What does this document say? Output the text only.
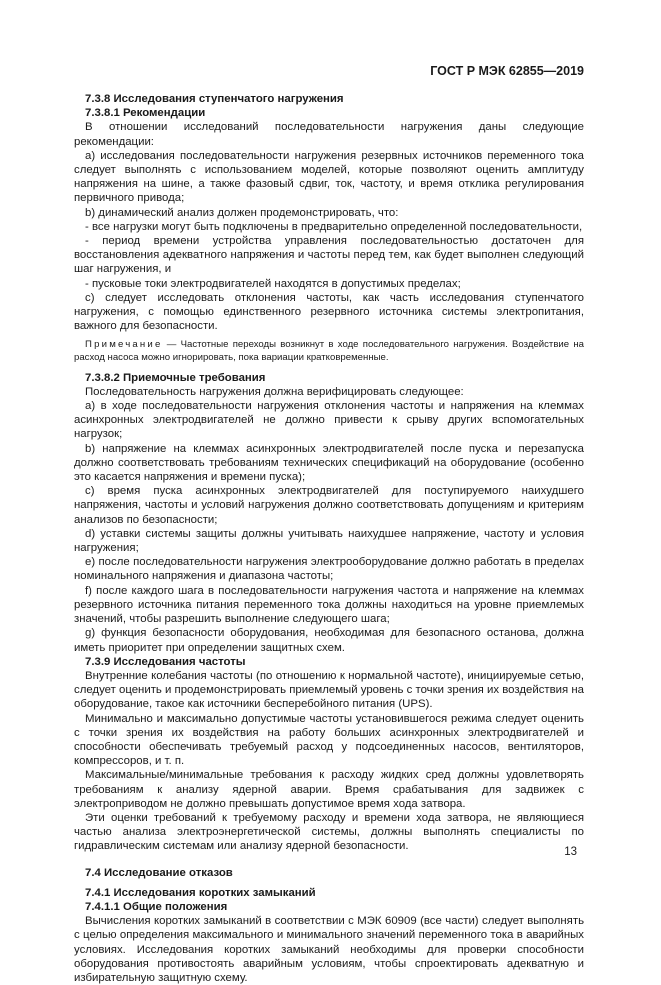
ГОСТ Р МЭК 62855—2019

7.3.8 Исследования ступенчатого нагружения

7.3.8.1 Рекомендации

В отношении исследований последовательности нагружения даны следующие рекомендации:

a) исследования последовательности нагружения резервных источников переменного тока следует выполнять с использованием моделей, которые позволяют оценить амплитуду напряжения на шине, а также фазовый сдвиг, ток, частоту, и время отклика регулирования первичного привода;

b) динамический анализ должен продемонстрировать, что:

- все нагрузки могут быть подключены в предварительно определенной последовательности,

- период времени устройства управления последовательностью достаточен для восстановления адекватного напряжения и частоты перед тем, как будет выполнен следующий шаг нагружения, и

- пусковые токи электродвигателей находятся в допустимых пределах;

c) следует исследовать отклонения частоты, как часть исследования ступенчатого нагружения, с помощью единственного резервного источника системы электропитания, важного для безопасности.

Примечание — Частотные переходы возникнут в ходе последовательного нагружения. Воздействие на расход насоса можно игнорировать, пока вариации кратковременные.

7.3.8.2 Приемочные требования

Последовательность нагружения должна верифицировать следующее:

a) в ходе последовательности нагружения отклонения частоты и напряжения на клеммах асинхронных электродвигателей не должно привести к срыву других вспомогательных нагрузок;

b) напряжение на клеммах асинхронных электродвигателей после пуска и перезапуска должно соответствовать требованиям технических спецификаций на оборудование (особенно это касается напряжения и времени пуска);

c) время пуска асинхронных электродвигателей для поступируемого наихудшего напряжения, частоты и условий нагружения должно соответствовать допущениям и критериям анализов по безопасности;

d) уставки системы защиты должны учитывать наихудшее напряжение, частоту и условия нагружения;

e) после последовательности нагружения электрооборудование должно работать в пределах номинального напряжения и диапазона частоты;

f) после каждого шага в последовательности нагружения частота и напряжение на клеммах резервного источника питания переменного тока должны находиться на уровне приемлемых значений, чтобы разрешить выполнение следующего шага;

g) функция безопасности оборудования, необходимая для безопасного останова, должна иметь приоритет при определении защитных схем.

7.3.9 Исследования частоты

Внутренние колебания частоты (по отношению к нормальной частоте), инициируемые сетью, следует оценить и продемонстрировать приемлемый уровень с точки зрения их воздействия на оборудование, такое как источники бесперебойного питания (UPS).

Минимально и максимально допустимые частоты установившегося режима следует оценить с точки зрения их воздействия на работу больших асинхронных электродвигателей и способности обеспечивать требуемый расход у подсоединенных насосов, вентиляторов, компрессоров, и т. п.

Максимальные/минимальные требования к расходу жидких сред должны удовлетворять требованиям к анализу ядерной аварии. Время срабатывания для задвижек с электроприводом не должно превышать допустимое время хода затвора.

Эти оценки требований к требуемому расходу и времени хода затвора, не являющиеся частью анализа электроэнергетической системы, должны выполнять специалисты по гидравлическим системам или анализу ядерной безопасности.

7.4 Исследование отказов

7.4.1 Исследования коротких замыканий

7.4.1.1 Общие положения

Вычисления коротких замыканий в соответствии с МЭК 60909 (все части) следует выполнять с целью определения максимального и минимального значений переменного тока в аварийных условиях. Исследования коротких замыканий необходимы для проверки способности оборудования противостоять аварийным условиям, чтобы спроектировать адекватную и избирательную защитную схему.

13
